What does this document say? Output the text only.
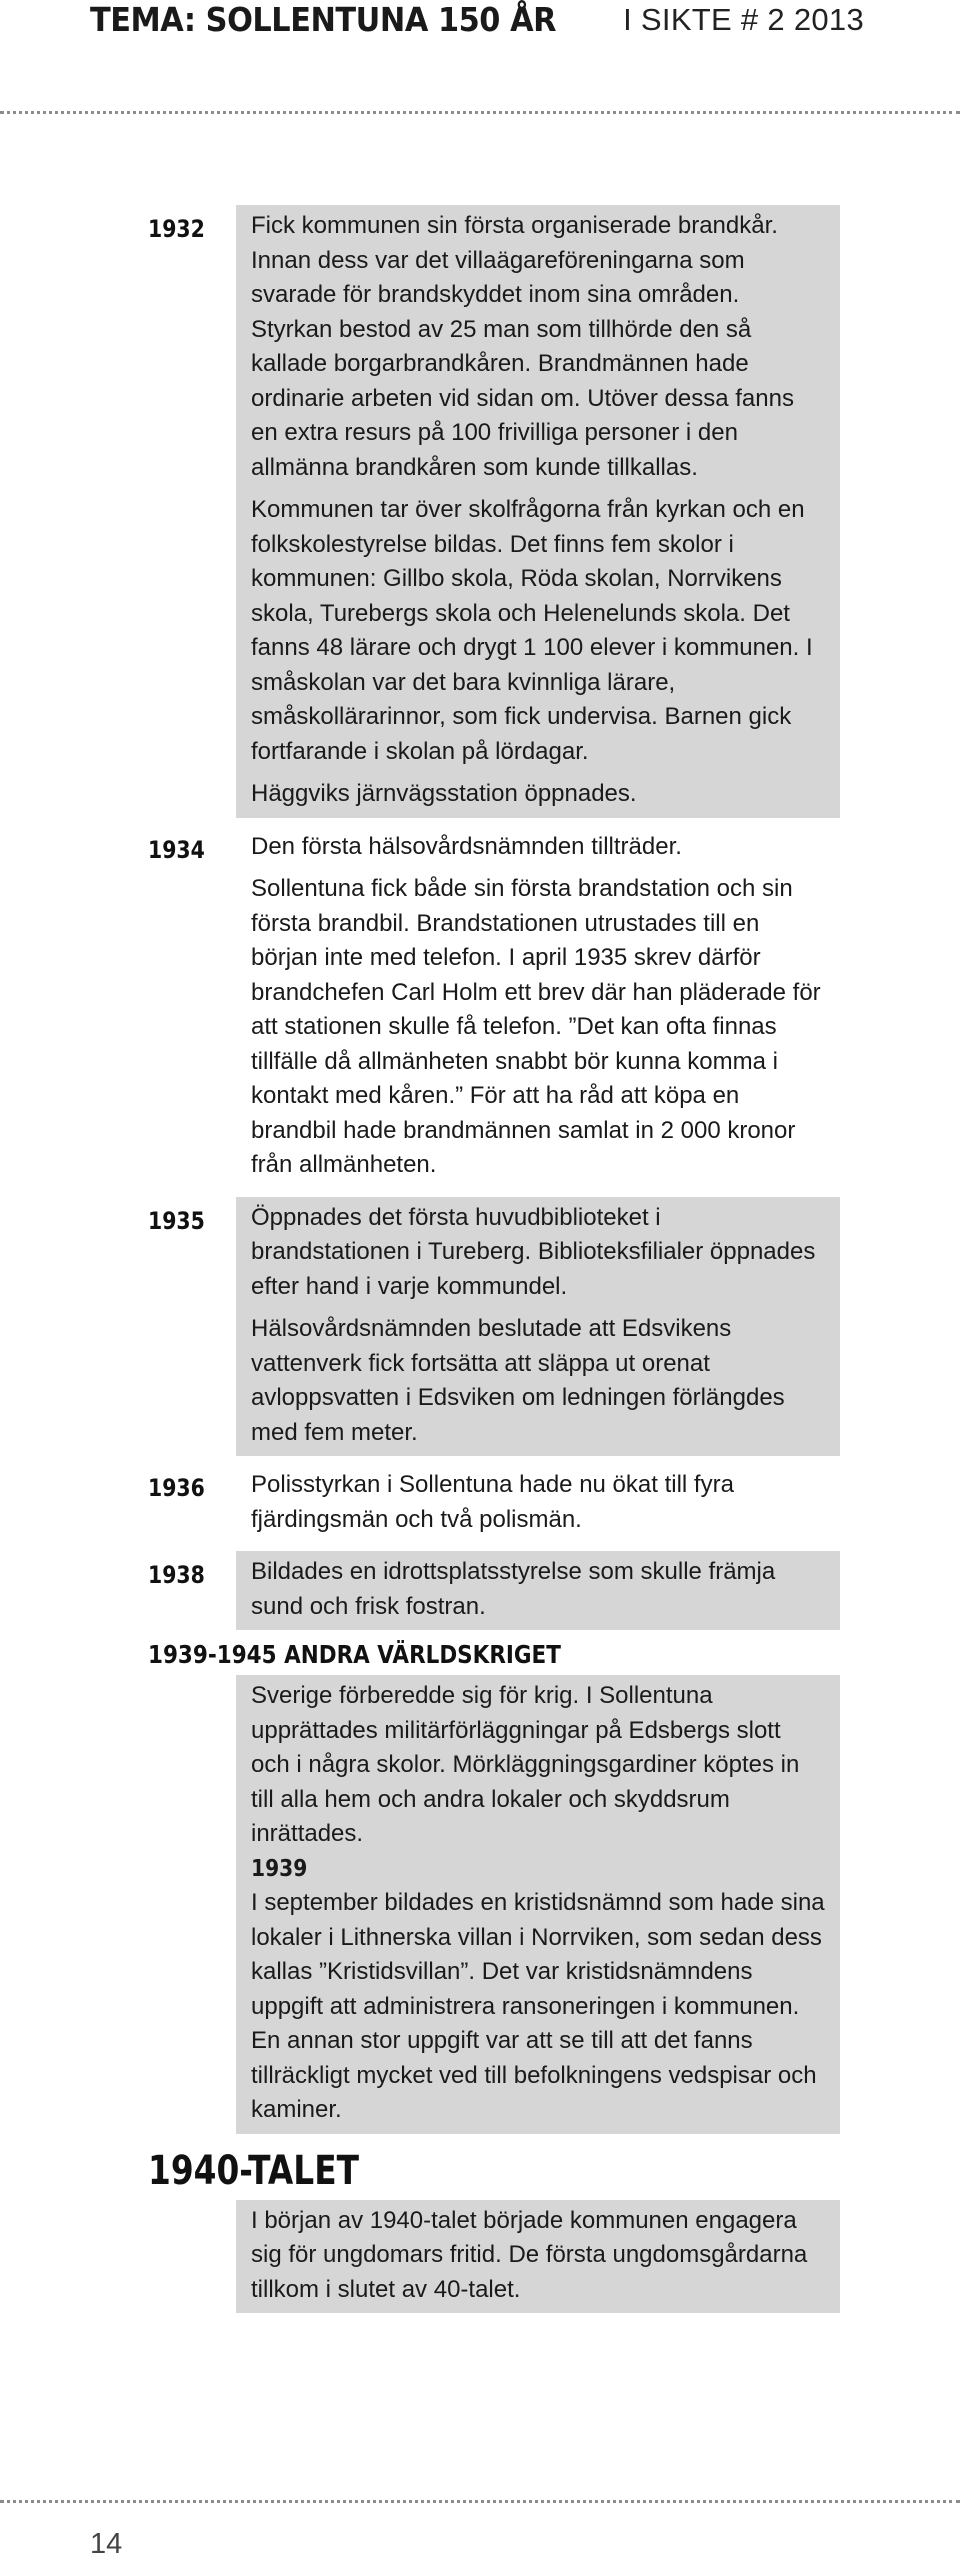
TEMA: SOLLENTUNA 150 ÅR I SIKTE # 2 2013
1932 Fick kommunen sin första organiserade brandkår. Innan dess var det villaägareföreningarna som svarade för brandskyddet inom sina områden. Styrkan bestod av 25 man som tillhörde den så kallade borgarbrandkåren. Brandmännen hade ordinarie arbeten vid sidan om. Utöver dessa fanns en extra resurs på 100 frivilliga personer i den allmänna brandkåren som kunde tillkallas.

Kommunen tar över skolfrågorna från kyrkan och en folkskolestyrelse bildas. Det finns fem skolor i kommunen: Gillbo skola, Röda skolan, Norrvikens skola, Turebergs skola och Helenelunds skola. Det fanns 48 lärare och drygt 1 100 elever i kommunen. I småskolan var det bara kvinnliga lärare, småskollärarinnor, som fick undervisa. Barnen gick fortfarande i skolan på lördagar.

Häggviks järnvägsstation öppnades.

1934 Den första hälsovårdsnämnden tillträder.

Sollentuna fick både sin första brandstation och sin första brandbil. Brandstationen utrustades till en början inte med telefon. I april 1935 skrev därför brandchefen Carl Holm ett brev där han pläderade för att stationen skulle få telefon. ”Det kan ofta finnas tillfälle då allmänheten snabbt bör kunna komma i kontakt med kåren.” För att ha råd att köpa en brandbil hade brandmännen samlat in 2 000 kronor från allmänheten.

1935 Öppnades det första huvudbiblioteket i brandstationen i Tureberg. Biblioteksfilialer öppnades efter hand i varje kommundel.

Hälsovårdsnämnden beslutade att Edsvikens vattenverk fick fortsätta att släppa ut orenat avloppsvatten i Edsviken om ledningen förlängdes med fem meter.

1936 Polisstyrkan i Sollentuna hade nu ökat till fyra fjärdingsmän och två polismän.

1938 Bildades en idrottsplatsstyrelse som skulle främja sund och frisk fostran.

1939-1945 ANDRA VÄRLDSKRIGET

Sverige förberedde sig för krig. I Sollentuna upprättades militärförläggningar på Edsbergs slott och i några skolor. Mörkläggningsgardiner köptes in till alla hem och andra lokaler och skyddsrum inrättades.

1939

I september bildades en kristidsnämnd som hade sina lokaler i Lithnerska villan i Norrviken, som sedan dess kallas ”Kristidsvillan”. Det var kristidsnämndens uppgift att administrera ransoneringen i kommunen. En annan stor uppgift var att se till att det fanns tillräckligt mycket ved till befolkningens vedspisar och kaminer.

1940-TALET

I början av 1940-talet började kommunen engagera sig för ungdomars fritid. De första ungdomsgårdarna tillkom i slutet av 40-talet.

14
